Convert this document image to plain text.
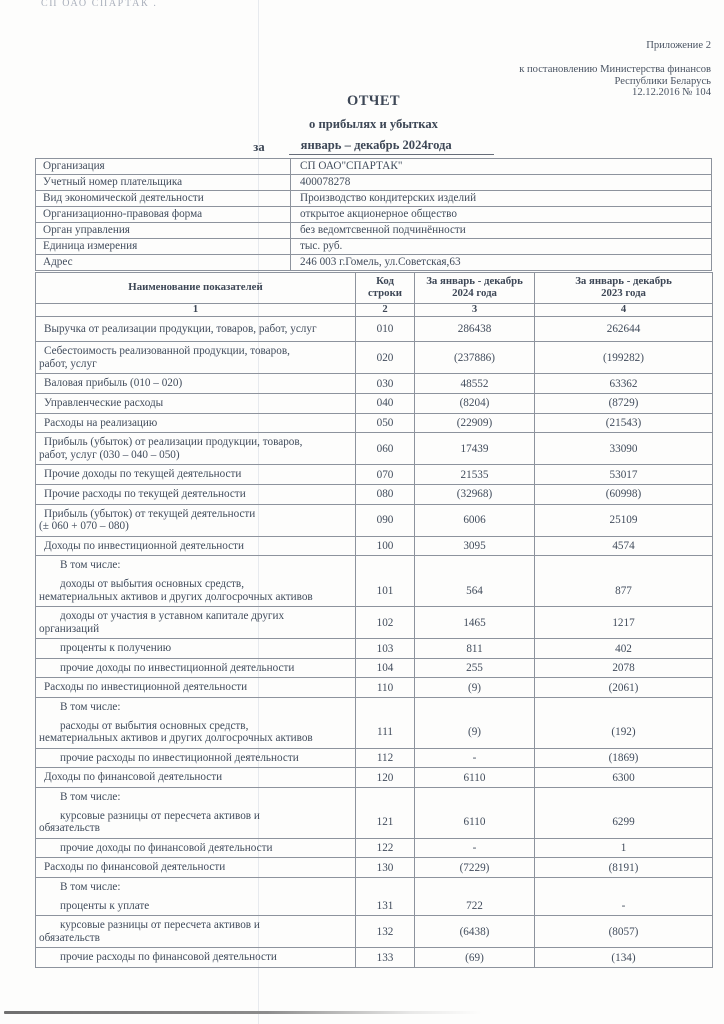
СП ОАО СПАРТАК .
Приложение 2
к постановлению Министерства финансов
Республики Беларусь
12.12.2016 № 104
ОТЧЕТ
о прибылях и убытках
за	январь – декабрь 2024года
Организация	СП ОАО"СПАРТАК"
Учетный номер плательщика	400078278
Вид экономической деятельности	Производство кондитерских изделий
Организационно-правовая форма	открытое акционерное общество
Орган управления	без ведомтсвенной подчинённости
Единица измерения	тыс. руб.
Адрес	246 003 г.Гомель, ул.Советская,63
Наименование показателей	Код
строки

За январь - декабрь
2024 года

За январь - декабрь
2023 года

1	2	3	4

Выручка от реализации продукции, товаров, работ, услуг	010	286438	262644

Себестоимость реализованной продукции, товаров,
работ, услуг	020	(237886)	(199282)

Валовая прибыль (010 – 020)	030	48552	63362

Управленческие расходы	040	(8204)	(8729)

Расходы на реализацию	050	(22909)	(21543)

Прибыль (убыток) от реализации продукции, товаров,
работ, услуг (030 – 040 – 050)	060	17439	33090

Прочие доходы по текущей деятельности	070	21535	53017

Прочие расходы по текущей деятельности	080	(32968)	(60998)

Прибыль (убыток) от текущей деятельности
(± 060 + 070 – 080)	090	6006	25109

Доходы по инвестиционной деятельности	100	3095	4574

В том числе:			

доходы от выбытия основных средств,
нематериальных активов и других долгосрочных активов	101	564	877

доходы от участия в уставном капитале других
организаций	102	1465	1217

проценты к получению	103	811	402

прочие доходы по инвестиционной деятельности	104	255	2078

Расходы по инвестиционной деятельности	110	(9)	(2061)

В том числе:			

расходы от выбытия основных средств,
нематериальных активов и других долгосрочных активов	111	(9)	(192)

прочие расходы по инвестиционной деятельности	112	-	(1869)

Доходы по финансовой деятельности	120	6110	6300

В том числе:			

курсовые разницы от пересчета активов и
обязательств	121	6110	6299

прочие доходы по финансовой деятельности	122	-	1

Расходы по финансовой деятельности	130	(7229)	(8191)

В том числе:			

проценты к уплате	131	722	-

курсовые разницы от пересчета активов и
обязательств	132	(6438)	(8057)

прочие расходы по финансовой деятельности	133	(69)	(134)
